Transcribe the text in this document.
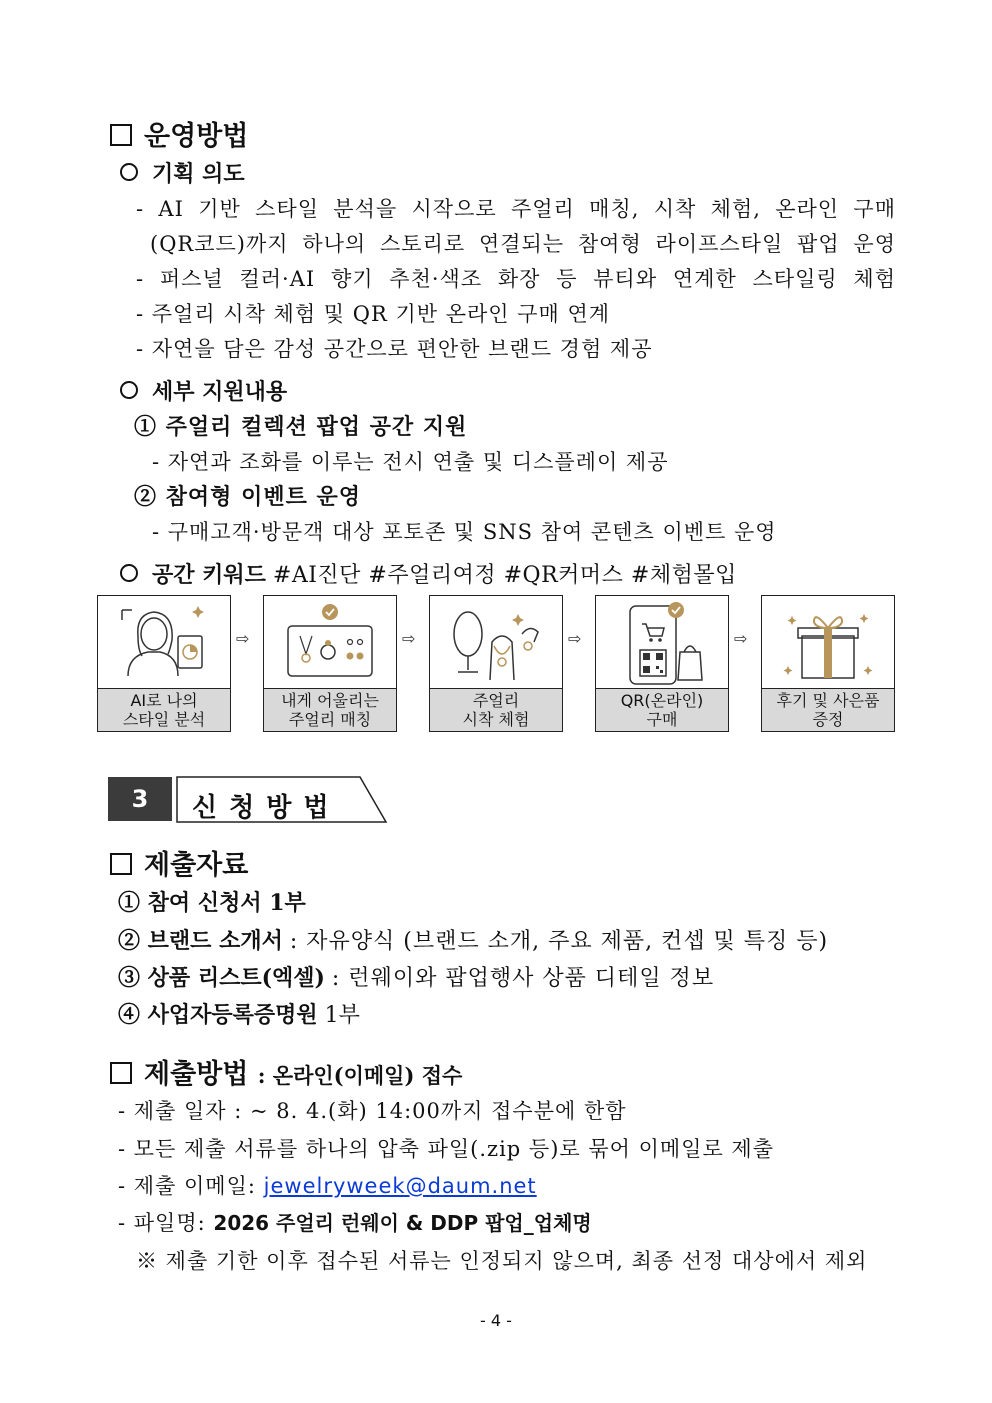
운영방법
기획 의도
- AI 기반 스타일 분석을 시작으로 주얼리 매칭, 시착 체험, 온라인 구매
(QR코드)까지 하나의 스토리로 연결되는 참여형 라이프스타일 팝업 운영
- 퍼스널 컬러·AI 향기 추천·색조 화장 등 뷰티와 연계한 스타일링 체험
- 주얼리 시착 체험 및 QR 기반 온라인 구매 연계
- 자연을 담은 감성 공간으로 편안한 브랜드 경험 제공
세부 지원내용
① 주얼리 컬렉션 팝업 공간 지원
- 자연과 조화를 이루는 전시 연출 및 디스플레이 제공
② 참여형 이벤트 운영
- 구매고객·방문객 대상 포토존 및 SNS 참여 콘텐츠 이벤트 운영
공간 키워드 #AI진단 #주얼리여정 #QR커머스 #체험몰입
AI로 나의
스타일 분석
⇨
내게 어울리는
주얼리 매칭
⇨
주얼리
시착 체험
⇨
QR(온라인)
구매
⇨
후기 및 사은품
증정
3	신청방법
제출자료
① 참여 신청서 1부
② 브랜드 소개서 : 자유양식 (브랜드 소개, 주요 제품, 컨셉 및 특징 등)
③ 상품 리스트(엑셀) : 런웨이와 팝업행사 상품 디테일 정보
④ 사업자등록증명원 1부
제출방법 : 온라인(이메일) 접수
- 제출 일자 : ~ 8. 4.(화) 14:00까지 접수분에 한함
- 모든 제출 서류를 하나의 압축 파일(.zip 등)로 묶어 이메일로 제출
- 제출 이메일: jewelryweek@daum.net
- 파일명: 2026 주얼리 런웨이 & DDP 팝업_업체명
※ 제출 기한 이후 접수된 서류는 인정되지 않으며, 최종 선정 대상에서 제외
- 4 -
